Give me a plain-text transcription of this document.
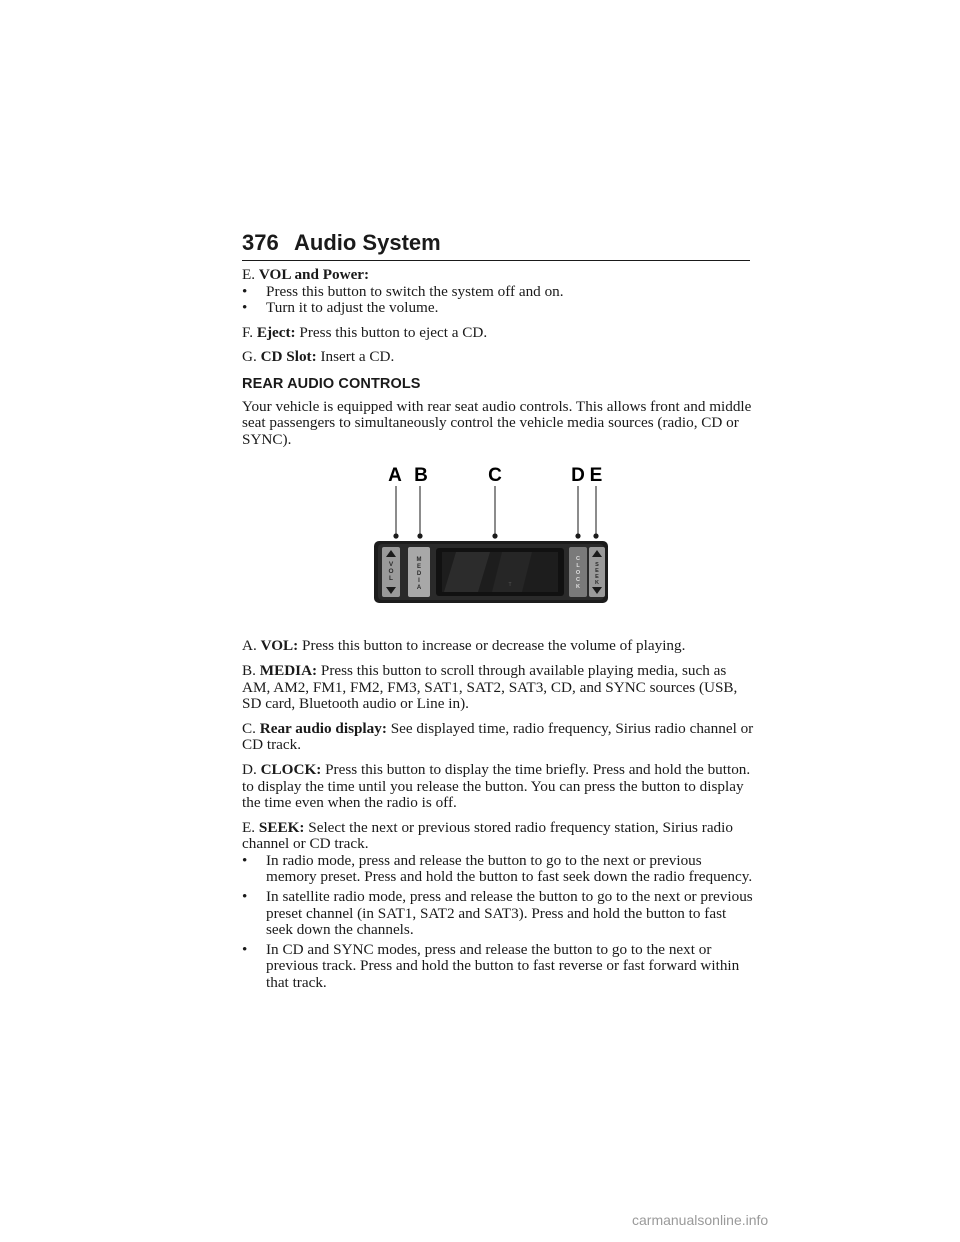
376 Audio System

E. VOL and Power:

• Press this button to switch the system off and on.

• Turn it to adjust the volume.

F. Eject: Press this button to eject a CD.

G. CD Slot: Insert a CD.

REAR AUDIO CONTROLS

Your vehicle is equipped with rear seat audio controls. This allows front and middle seat passengers to simultaneously control the vehicle media sources (radio, CD or SYNC).

A B	C	D E
V
O
L
M
E
D
I
A	T
C
L
O
C
K
S
E
E
K

A. VOL: Press this button to increase or decrease the volume of playing.

B. MEDIA: Press this button to scroll through available playing media, such as AM, AM2, FM1, FM2, FM3, SAT1, SAT2, SAT3, CD, and SYNC sources (USB, SD card, Bluetooth audio or Line in).

C. Rear audio display: See displayed time, radio frequency, Sirius radio channel or CD track.

D. CLOCK: Press this button to display the time briefly. Press and hold the button. to display the time until you release the button. You can press the button to display the time even when the radio is off.

E. SEEK: Select the next or previous stored radio frequency station, Sirius radio channel or CD track.

• In radio mode, press and release the button to go to the next or previous memory preset. Press and hold the button to fast seek down the radio frequency.

• In satellite radio mode, press and release the button to go to the next or previous preset channel (in SAT1, SAT2 and SAT3). Press and hold the button to fast seek down the channels.

• In CD and SYNC modes, press and release the button to go to the next or previous track. Press and hold the button to fast reverse or fast forward within that track.

carmanualsonline.info
